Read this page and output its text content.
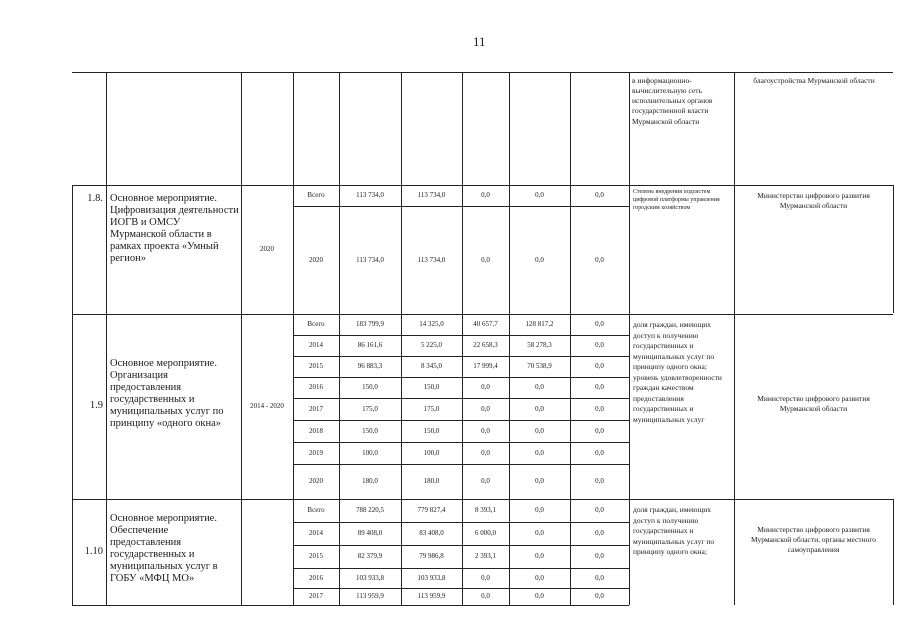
11
в информационно-вычислительную сеть исполнительных органов государственной власти Мурманской области
благоустройства Мурманской области
1.8. Основное мероприятие. Цифровизация деятельности ИОГВ и ОМСУ Мурманской области в рамках проекта «Умный регион»
2020
Всего	113 734,0	113 734,0	0,0	0,0	0,0
2020	113 734,0	113 734,0	0,0	0,0	0,0
Степень внедрения подсистем цифровой платформы управления городским хозяйством
Министерство цифрового развития Мурманской области
1.9
Основное мероприятие. Организация предоставления государственных и муниципальных услуг по принципу «одного окна»
2014 - 2020
Всего	183 799,9	14 325,0	40 657,7	128 817,2	0,0
2014	86 161,6	5 225,0	22 658,3	58 278,3	0,0
2015	96 883,3	8 345,0	17 999,4	70 538,9	0,0
2016	150,0	150,0	0,0	0,0	0,0
2017	175,0	175,0	0,0	0,0	0,0
2018	150,0	150,0	0,0	0,0	0,0
2019	100,0	100,0	0,0	0,0	0,0
2020	180,0	180,0	0,0	0,0	0,0
доля граждан, имеющих доступ к получению государственных и муниципальных услуг по принципу одного окна; уровень удовлетворенности граждан качеством предоставления государственных и муниципальных услуг
Министерство цифрового развития Мурманской области
1.10
Основное мероприятие. Обеспечение предоставления государственных и муниципальных услуг в ГОБУ «МФЦ МО»
Всего	788 220,5	779 827,4	8 393,1	0,0	0,0
2014	89 408,0	83 408,0	6 000,0	0,0	0,0
2015	82 379,9	79 986,8	2 393,1	0,0	0,0
2016	103 933,8	103 933,8	0,0	0,0	0,0
2017	113 959,9	113 959,9	0,0	0,0	0,0
доля граждан, имеющих доступ к получению государственных и муниципальных услуг по принципу одного окна;
Министерство цифрового развития Мурманской области, органы местного самоуправления
